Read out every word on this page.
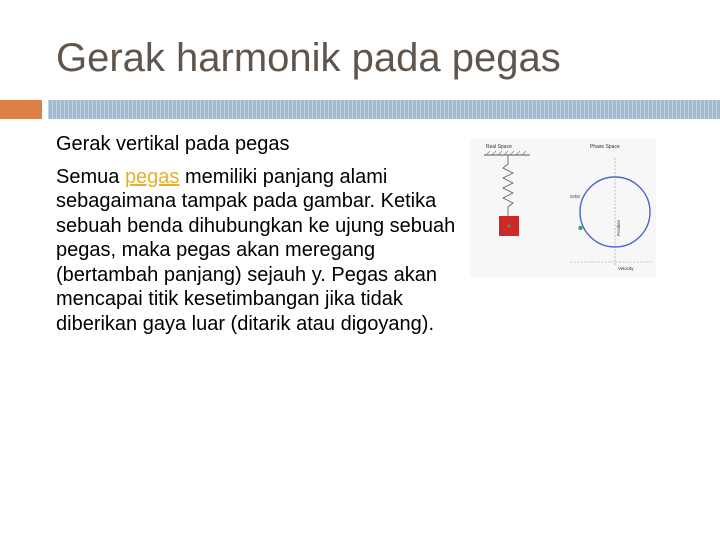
Gerak harmonik pada pegas

Gerak vertikal pada pegas

Semua pegas memiliki panjang alami sebagaimana tampak pada gambar. Ketika sebuah benda dihubungkan ke ujung sebuah pegas, maka pegas akan meregang (bertambah panjang) sejauh y. Pegas akan mencapai titik kesetimbangan jika tidak diberikan gaya luar (ditarik atau digoyang).

Real Space	Phase Space
Orbit
Position
Velocity
